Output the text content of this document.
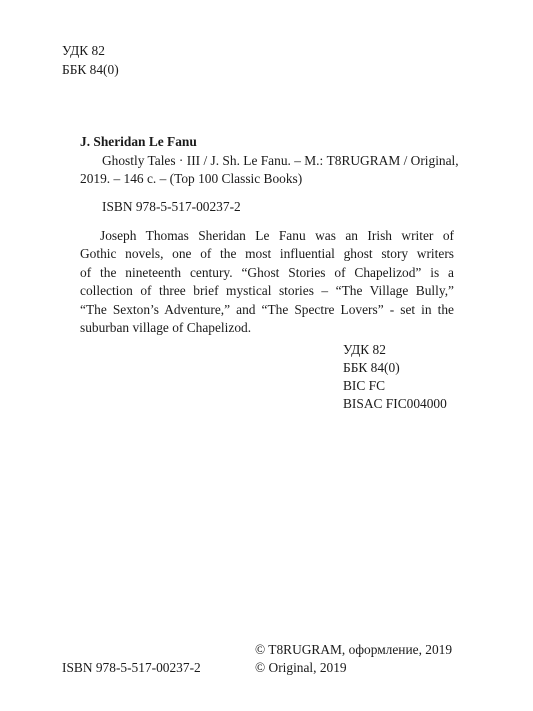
УДК 82
ББК 84(0)
J. Sheridan Le Fanu
Ghostly Tales · III / J. Sh. Le Fanu. – М.: T8RUGRAM / Original,
2019. – 146 с. – (Top 100 Classic Books)
ISBN 978-5-517-00237-2
Joseph Thomas Sheridan Le Fanu was an Irish writer of
Gothic novels, one of the most influential ghost story writers
of the nineteenth century. “Ghost Stories of Chapelizod” is a
collection of three brief mystical stories – “The Village Bully,”
“The Sexton’s Adventure,” and “The Spectre Lovers” - set in the
suburban village of Chapelizod.
УДК 82
ББК 84(0)
BIC FC
BISAC FIC004000
ISBN 978-5-517-00237-2
© T8RUGRAM, оформление, 2019
© Original, 2019
